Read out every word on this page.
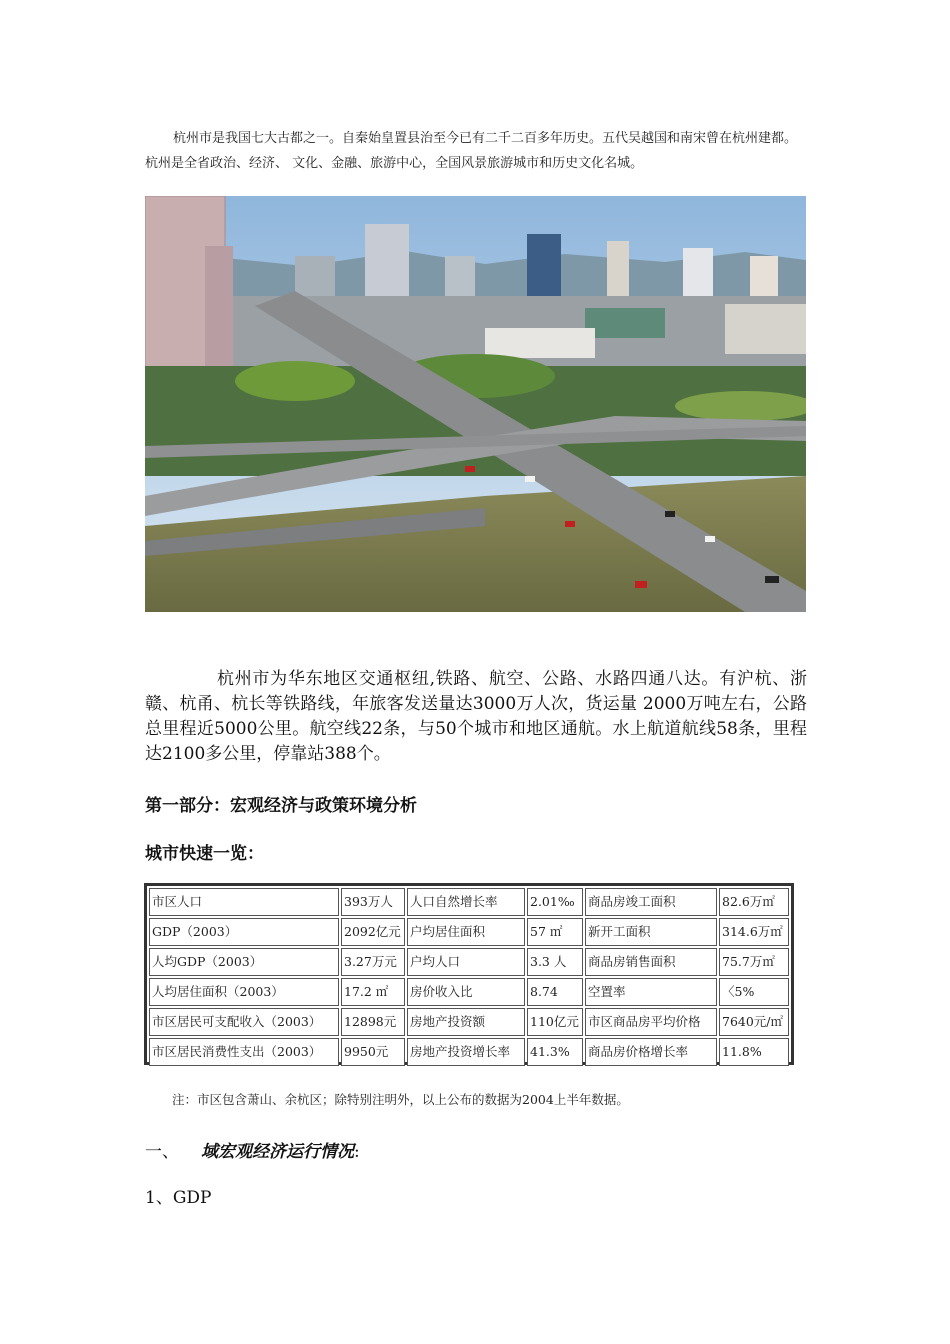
杭州市是我国七大古都之一。自秦始皇置县治至今已有二千二百多年历史。五代吴越国和南宋曾在杭州建都。杭州是全省政治、经济、 文化、金融、旅游中心，全国风景旅游城市和历史文化名城。

杭州市为华东地区交通枢纽,铁路、航空、公路、水路四通八达。有沪杭、浙赣、杭甬、杭长等铁路线，年旅客发送量达3000万人次，货运量 2000万吨左右，公路总里程近5000公里。航空线22条，与50个城市和地区通航。水上航道航线58条，里程达2100多公里，停靠站388个。

第一部分：宏观经济与政策环境分析

城市快速一览：

市区人口	393万人	人口自然增长率	2.01‰	商品房竣工面积	82.6万㎡
GDP（2003）	2092亿元	户均居住面积	57 ㎡	新开工面积	314.6万㎡
人均GDP（2003）	3.27万元	户均人口	3.3 人	商品房销售面积	75.7万㎡
人均居住面积（2003）	17.2 ㎡	房价收入比	8.74	空置率	〈5%
市区居民可支配收入（2003）	12898元	房地产投资额	110亿元	市区商品房平均价格	7640元/㎡
市区居民消费性支出（2003）	9950元	房地产投资增长率	41.3%	商品房价格增长率	11.8%

注：市区包含萧山、余杭区；除特别注明外，以上公布的数据为2004上半年数据。

一、 域宏观经济运行情况:

1、GDP
